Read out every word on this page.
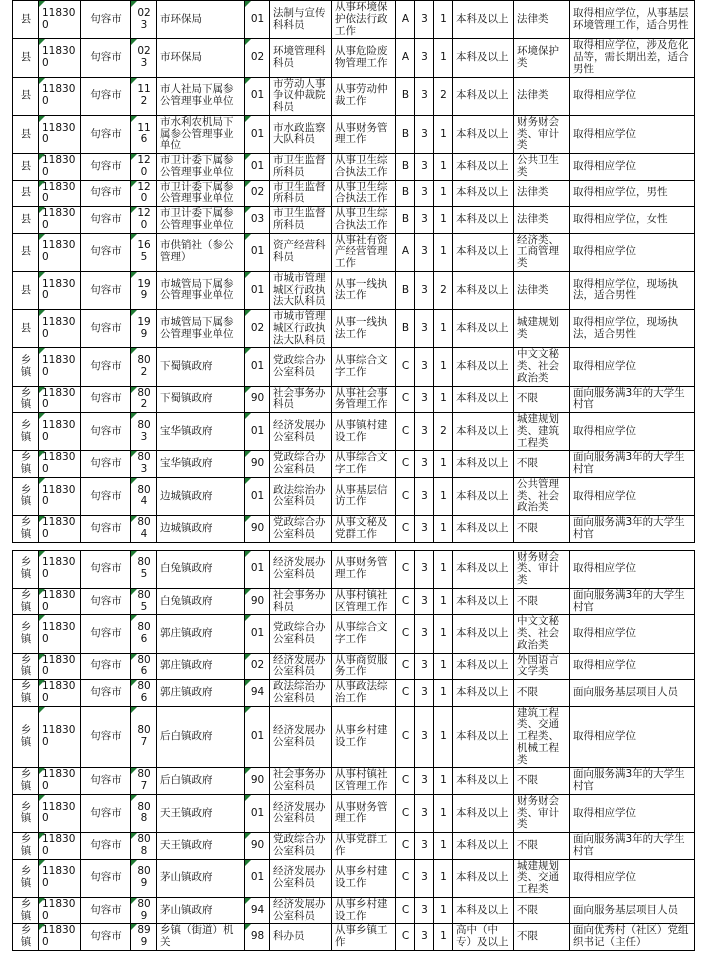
县	118300	句容市	023	市环保局	01	法制与宣传科科员	从事环境保护依法行政工作	A	3	1	本科及以上	法律类	取得相应学位，从事基层环境管理工作，适合男性
县	118300	句容市	023	市环保局	02	环境管理科科员	从事危险废物管理工作	A	3	1	本科及以上	环境保护类	取得相应学位，涉及危化品等，需长期出差，适合男性
县	118300	句容市	112	市人社局下属参公管理事业单位	01	市劳动人事争议仲裁院科员	从事劳动仲裁工作	B	3	2	本科及以上	法律类	取得相应学位
县	118300	句容市	116	市水利农机局下属参公管理事业单位	01	市水政监察大队科员	从事财务管理工作	B	3	1	本科及以上	财务财会类、审计类	取得相应学位
县	118300	句容市	120	市卫计委下属参公管理事业单位	01	市卫生监督所科员	从事卫生综合执法工作	B	3	1	本科及以上	公共卫生类	取得相应学位
县	118300	句容市	120	市卫计委下属参公管理事业单位	02	市卫生监督所科员	从事卫生综合执法工作	B	3	1	本科及以上	法律类	取得相应学位，男性
县	118300	句容市	120	市卫计委下属参公管理事业单位	03	市卫生监督所科员	从事卫生综合执法工作	B	3	1	本科及以上	法律类	取得相应学位，女性
县	118300	句容市	165	市供销社（参公管理）	01	资产经营科科员	从事社有资产经营管理工作	A	3	1	本科及以上	经济类、工商管理类	取得相应学位
县	118300	句容市	199	市城管局下属参公管理事业单位	01	市城市管理城区行政执法大队科员	从事一线执法工作	B	3	2	本科及以上	法律类	取得相应学位，现场执法，适合男性
县	118300	句容市	199	市城管局下属参公管理事业单位	02	市城市管理城区行政执法大队科员	从事一线执法工作	B	3	1	本科及以上	城建规划类	取得相应学位，现场执法，适合男性
乡镇	118300	句容市	802	下蜀镇政府	01	党政综合办公室科员	从事综合文字工作	C	3	1	本科及以上	中文文秘类、社会政治类	取得相应学位
乡镇	118300	句容市	802	下蜀镇政府	90	社会事务办科员	从事社会事务管理工作	C	3	1	本科及以上	不限	面向服务满3年的大学生村官
乡镇	118300	句容市	803	宝华镇政府	01	经济发展办公室科员	从事镇村建设工作	C	3	2	本科及以上	城建规划类、建筑工程类	取得相应学位
乡镇	118300	句容市	803	宝华镇政府	90	党政综合办公室科员	从事综合文字工作	C	3	1	本科及以上	不限	面向服务满3年的大学生村官
乡镇	118300	句容市	804	边城镇政府	01	政法综治办公室科员	从事基层信访工作	C	3	1	本科及以上	公共管理类、社会政治类	取得相应学位
乡镇	118300	句容市	804	边城镇政府	90	党政综合办公室科员	从事文秘及党群工作	C	3	1	本科及以上	不限	面向服务满3年的大学生村官
乡镇	118300	句容市	805	白兔镇政府	01	经济发展办公室科员	从事财务管理工作	C	3	1	本科及以上	财务财会类、审计类	取得相应学位
乡镇	118300	句容市	805	白兔镇政府	90	社会事务办科员	从事村镇社区管理工作	C	3	1	本科及以上	不限	面向服务满3年的大学生村官
乡镇	118300	句容市	806	郭庄镇政府	01	党政综合办公室科员	从事综合文字工作	C	3	1	本科及以上	中文文秘类、社会政治类	取得相应学位
乡镇	118300	句容市	806	郭庄镇政府	02	经济发展办公室科员	从事商贸服务工作	C	3	1	本科及以上	外国语言文学类	取得相应学位
乡镇	118300	句容市	806	郭庄镇政府	94	政法综治办公室科员	从事政法综治工作	C	3	1	本科及以上	不限	面向服务基层项目人员
乡镇	118300	句容市	807	后白镇政府	01	经济发展办公室科员	从事乡村建设工作	C	3	1	本科及以上	建筑工程类、交通工程类、机械工程类	取得相应学位
乡镇	118300	句容市	807	后白镇政府	90	社会事务办公室科员	从事村镇社区管理工作	C	3	1	本科及以上	不限	面向服务满3年的大学生村官
乡镇	118300	句容市	808	天王镇政府	01	经济发展办公室科员	从事财务管理工作	C	3	1	本科及以上	财务财会类、审计类	取得相应学位
乡镇	118300	句容市	808	天王镇政府	90	党政综合办公室科员	从事党群工作	C	3	1	本科及以上	不限	面向服务满3年的大学生村官
乡镇	118300	句容市	809	茅山镇政府	01	经济发展办公室科员	从事乡村建设工作	C	3	1	本科及以上	城建规划类、交通工程类	取得相应学位
乡镇	118300	句容市	809	茅山镇政府	94	经济发展办公室科员	从事乡村建设工作	C	3	1	本科及以上	不限	面向服务基层项目人员
乡镇	118300	句容市	899	乡镇（街道）机关	98	科办员	从事乡镇工作	C	3	1	高中（中专）及以上	不限	面向优秀村（社区）党组织书记（主任）
